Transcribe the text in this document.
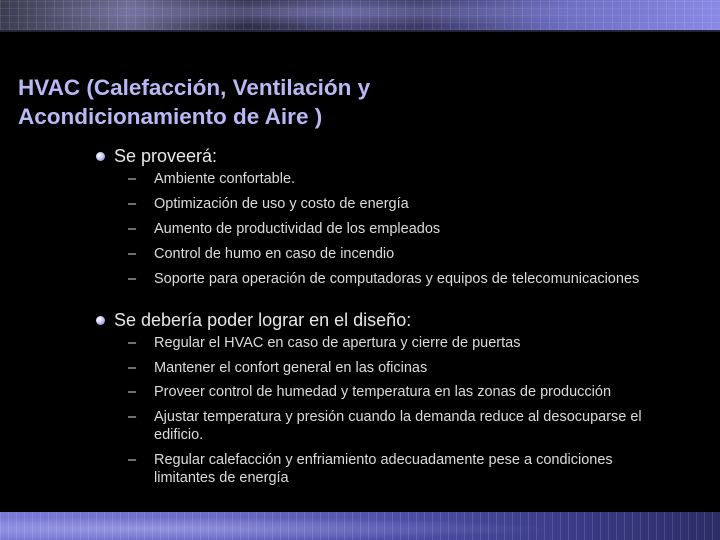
HVAC (Calefacción, Ventilación y
Acondicionamiento de Aire )
Se proveerá:
– Ambiente confortable.
– Optimización de uso y costo de energía
– Aumento de productividad de los empleados
– Control de humo en caso de incendio
– Soporte para operación de computadoras y equipos de telecomunicaciones
Se debería poder lograr en el diseño:
– Regular el HVAC en caso de apertura y cierre de puertas
– Mantener el confort general en las oficinas
– Proveer control de humedad y temperatura en las zonas de producción
– Ajustar temperatura y presión cuando la demanda reduce al desocuparse el edificio.
– Regular calefacción y enfriamiento adecuadamente pese a condiciones limitantes de energía
